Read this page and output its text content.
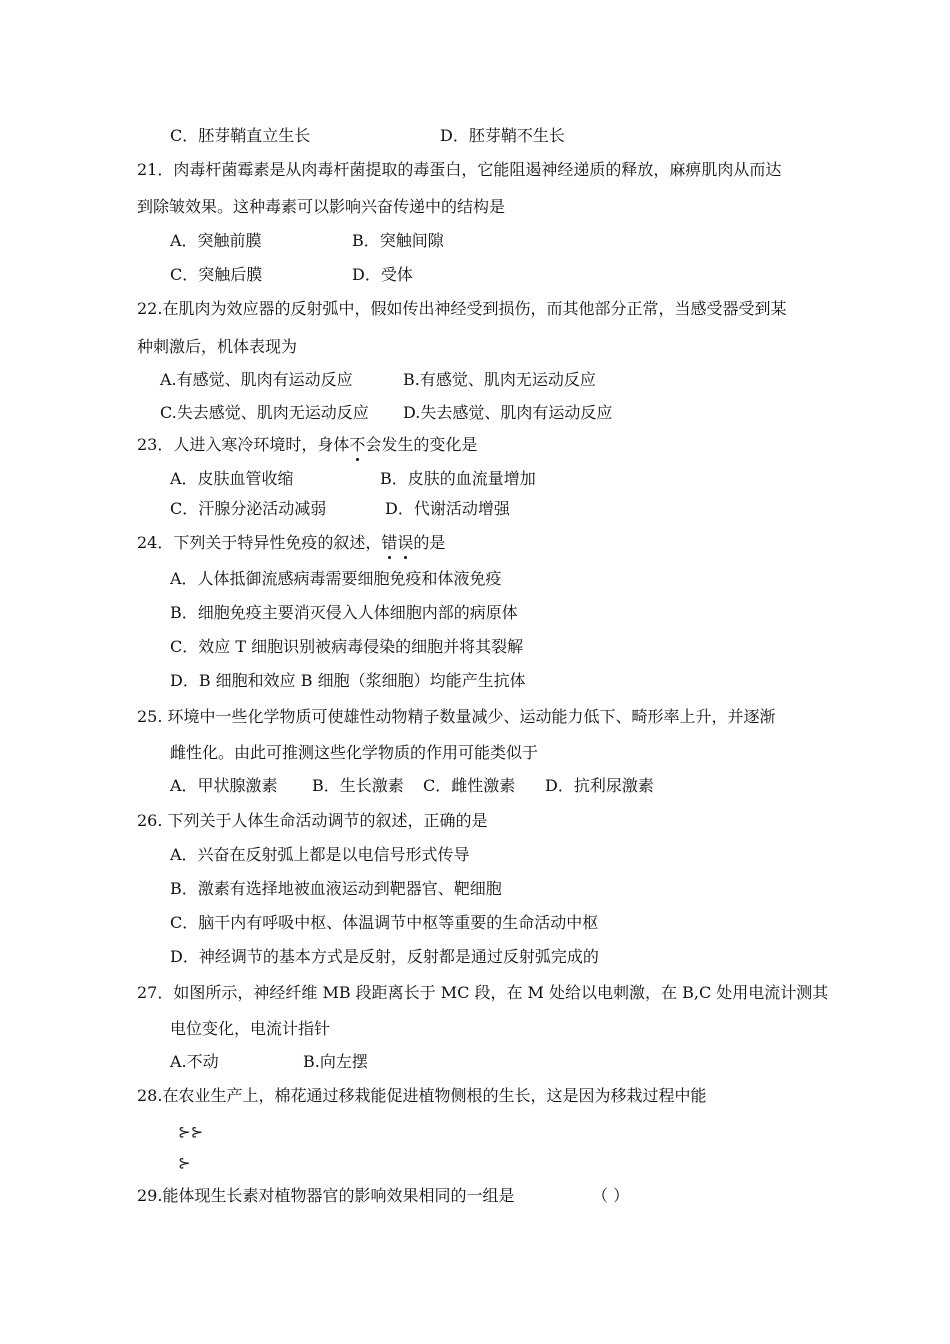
C．胚芽鞘直立生长	D．胚芽鞘不生长
21．肉毒杆菌霉素是从肉毒杆菌提取的毒蛋白，它能阻遏神经递质的释放，麻痹肌肉从而达
到除皱效果。这种毒素可以影响兴奋传递中的结构是
A．突触前膜	B．突触间隙
C．突触后膜	D．受体
22.在肌肉为效应器的反射弧中，假如传出神经受到损伤，而其他部分正常，当感受器受到某
种刺激后，机体表现为
A.有感觉、肌肉有运动反应	B.有感觉、肌肉无运动反应
C.失去感觉、肌肉无运动反应 D.失去感觉、肌肉有运动反应
23．人进入寒冷环境时，身体不会发生的变化是
A．皮肤血管收缩	B．皮肤的血流量增加
C．汗腺分泌活动减弱	D．代谢活动增强
24．下列关于特异性免疫的叙述，错误的是
A．人体抵御流感病毒需要细胞免疫和体液免疫
B．细胞免疫主要消灭侵入人体细胞内部的病原体
C．效应 T 细胞识别被病毒侵染的细胞并将其裂解
D．B 细胞和效应 B 细胞（浆细胞）均能产生抗体
25. 环境中一些化学物质可使雄性动物精子数量减少、运动能力低下、畸形率上升，并逐渐
雌性化。由此可推测这些化学物质的作用可能类似于
A．甲状腺激素 B．生长激素 C．雌性激素 D．抗利尿激素
26. 下列关于人体生命活动调节的叙述，正确的是
A．兴奋在反射弧上都是以电信号形式传导
B．激素有选择地被血液运动到靶器官、靶细胞
C．脑干内有呼吸中枢、体温调节中枢等重要的生命活动中枢
D．神经调节的基本方式是反射，反射都是通过反射弧完成的
27．如图所示，神经纤维 MB 段距离长于 MC 段，在 M 处给以电刺激，在 B,C 处用电流计测其
电位变化，电流计指针
A.不动	B.向左摆
28.在农业生产上，棉花通过移栽能促进植物侧根的生长，这是因为移栽过程中能
⊱⊱
⊱
29.能体现生长素对植物器官的影响效果相同的一组是	（ ）
